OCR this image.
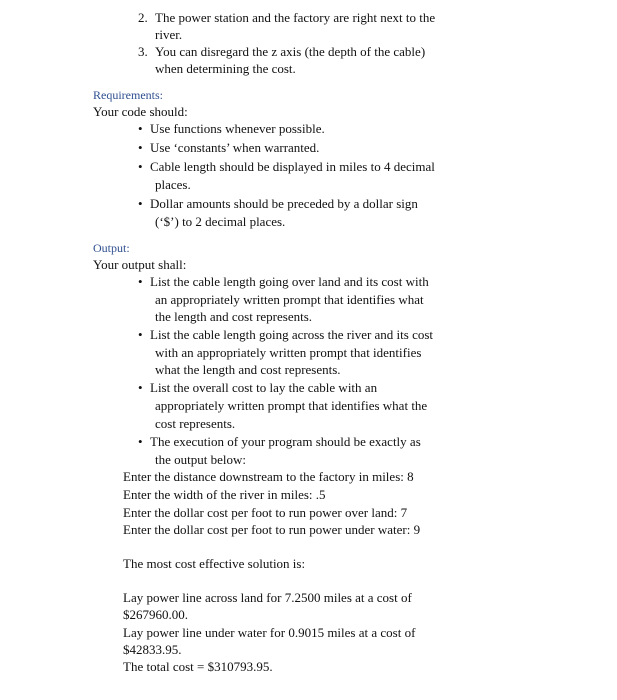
2. The power station and the factory are right next to the
river.
3. You can disregard the z axis (the depth of the cable)
when determining the cost.
Requirements:
Your code should:
• Use functions whenever possible.
• Use ‘constants’ when warranted.
• Cable length should be displayed in miles to 4 decimal
places.
• Dollar amounts should be preceded by a dollar sign
(‘$’) to 2 decimal places.
Output:
Your output shall:
• List the cable length going over land and its cost with
an appropriately written prompt that identifies what
the length and cost represents.
• List the cable length going across the river and its cost
with an appropriately written prompt that identifies
what the length and cost represents.
• List the overall cost to lay the cable with an
appropriately written prompt that identifies what the
cost represents.
• The execution of your program should be exactly as
the output below:
Enter the distance downstream to the factory in miles: 8
Enter the width of the river in miles: .5
Enter the dollar cost per foot to run power over land: 7
Enter the dollar cost per foot to run power under water: 9
The most cost effective solution is:
Lay power line across land for 7.2500 miles at a cost of
$267960.00.
Lay power line under water for 0.9015 miles at a cost of
$42833.95.
The total cost = $310793.95.
